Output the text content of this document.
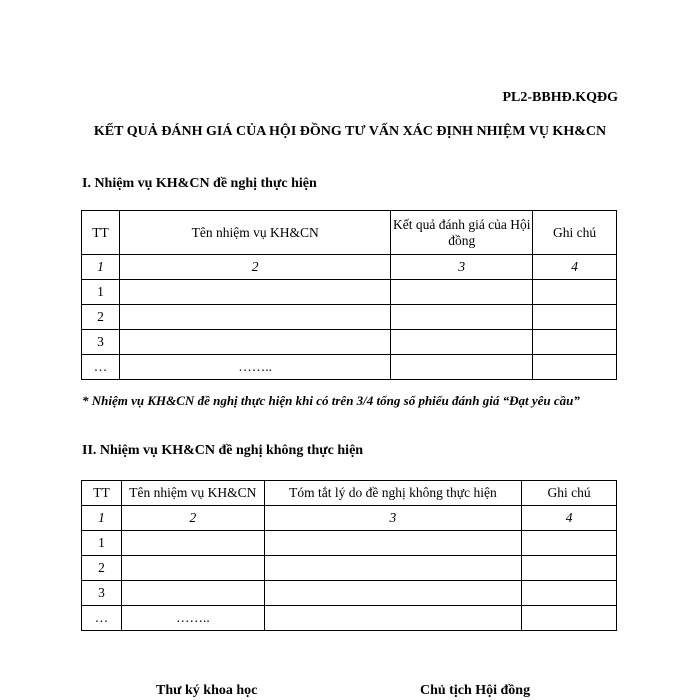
PL2-BBHĐ.KQĐG
KẾT QUẢ ĐÁNH GIÁ CỦA HỘI ĐỒNG TƯ VẤN XÁC ĐỊNH NHIỆM VỤ KH&CN
I. Nhiệm vụ KH&CN đề nghị thực hiện
TT	Tên nhiệm vụ KH&CN	Kết quả đánh giá của Hội đồng	Ghi chú
1	2	3	4
1			
2			
3			
…	……..		
* Nhiệm vụ KH&CN đề nghị thực hiện khi có trên 3/4 tổng số phiếu đánh giá “Đạt yêu cầu”
II. Nhiệm vụ KH&CN đề nghị không thực hiện
TT	Tên nhiệm vụ KH&CN	Tóm tắt lý do đề nghị không thực hiện	Ghi chú
1	2	3	4
1			
2			
3			
…	……..		
Thư ký khoa học	Chủ tịch Hội đồng
